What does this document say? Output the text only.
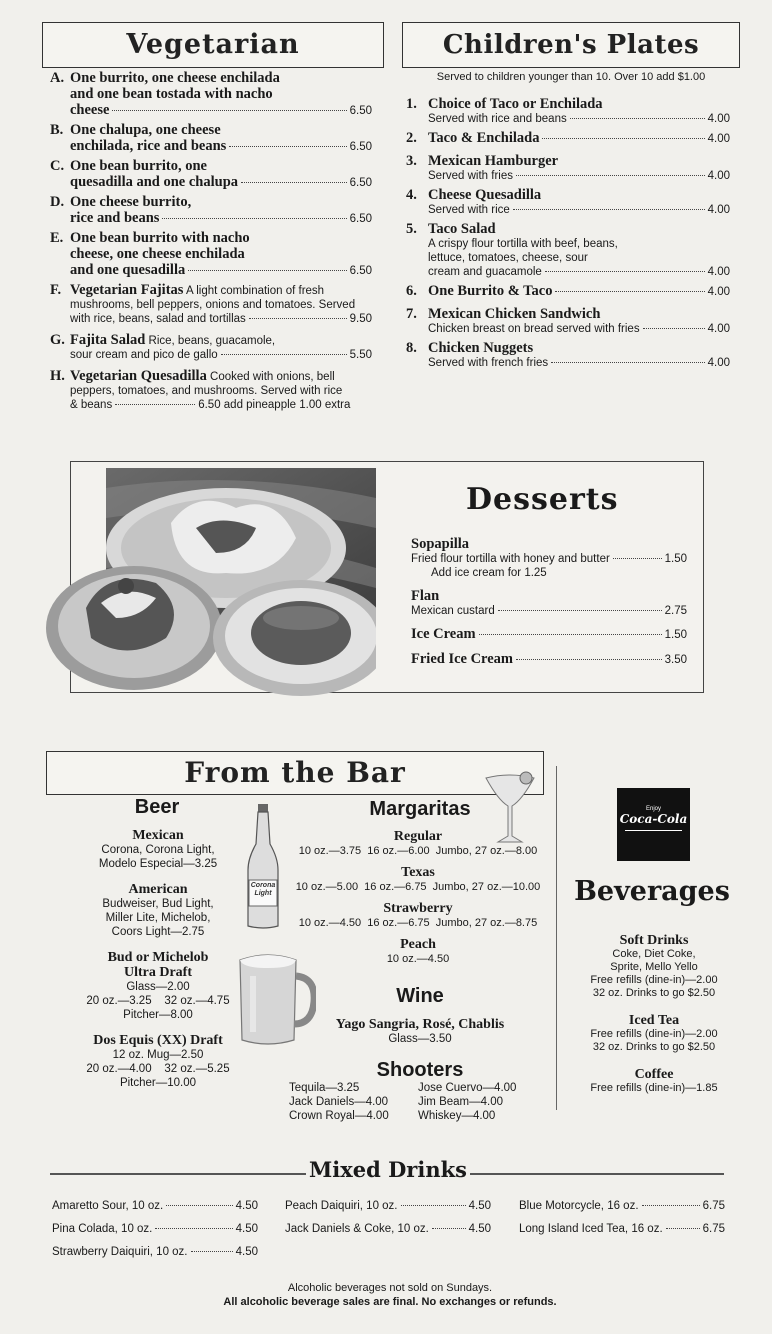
Vegetarian
A. One burrito, one cheese enchilada
and one bean tostada with nacho
cheese	6.50
B. One chalupa, one cheese
enchilada, rice and beans	6.50
C. One bean burrito, one
quesadilla and one chalupa	6.50
D. One cheese burrito,
rice and beans	6.50
E. One bean burrito with nacho
cheese, one cheese enchilada
and one quesadilla	6.50
F. Vegetarian Fajitas A light combination of fresh
mushrooms, bell peppers, onions and tomatoes. Served
with rice, beans, salad and tortillas	9.50
G. Fajita Salad Rice, beans, guacamole,
sour cream and pico de gallo	5.50
H. Vegetarian Quesadilla Cooked with onions, bell
peppers, tomatoes, and mushrooms. Served with rice
& beans	6.50 add pineapple 1.00 extra
Children's Plates
Served to children younger than 10. Over 10 add $1.00
1. Choice of Taco or Enchilada
Served with rice and beans	4.00
2. Taco & Enchilada	4.00
3. Mexican Hamburger
Served with fries	4.00
4. Cheese Quesadilla
Served with rice	4.00
5. Taco Salad
A crispy flour tortilla with beef, beans,
lettuce, tomatoes, cheese, sour
cream and guacamole	4.00
6. One Burrito & Taco	4.00
7. Mexican Chicken Sandwich
Chicken breast on bread served with fries	4.00
8. Chicken Nuggets
Served with french fries	4.00
Desserts
Sopapilla
Fried flour tortilla with honey and butter	1.50
Add ice cream for 1.25
Flan
Mexican custard	2.75
Ice Cream	1.50
Fried Ice Cream	3.50
From the Bar
Beer
Mexican
Corona, Corona Light,
Modelo Especial—3.25
American
Budweiser, Bud Light,
Miller Lite, Michelob,
Coors Light—2.75
Bud or Michelob
Ultra Draft
Glass—2.00
20 oz.—3.25    32 oz.—4.75
Pitcher—8.00
Dos Equis (XX) Draft
12 oz. Mug—2.50
20 oz.—4.00    32 oz.—5.25
Pitcher—10.00
Corona Light
Margaritas
Regular
10 oz.—3.75  16 oz.—6.00  Jumbo, 27 oz.—8.00
Texas
10 oz.—5.00  16 oz.—6.75  Jumbo, 27 oz.—10.00
Strawberry
10 oz.—4.50  16 oz.—6.75  Jumbo, 27 oz.—8.75
Peach
10 oz.—4.50
Wine
Yago Sangria, Rosé, Chablis
Glass—3.50
Shooters
Tequila—3.25
Jack Daniels—4.00
Crown Royal—4.00
Jose Cuervo—4.00
Jim Beam—4.00
Whiskey—4.00
Enjoy
Coca-Cola
Beverages
Soft Drinks
Coke, Diet Coke,
Sprite, Mello Yello
Free refills (dine-in)—2.00
32 oz. Drinks to go $2.50
Iced Tea
Free refills (dine-in)—2.00
32 oz. Drinks to go $2.50
Coffee
Free refills (dine-in)—1.85
Mixed Drinks
Amaretto Sour, 10 oz.	4.50
Pina Colada, 10 oz.	4.50
Strawberry Daiquiri, 10 oz.	4.50
Peach Daiquiri, 10 oz.	4.50
Jack Daniels & Coke, 10 oz.	4.50
Blue Motorcycle, 16 oz.	6.75
Long Island Iced Tea, 16 oz.	6.75
Alcoholic beverages not sold on Sundays.
All alcoholic beverage sales are final. No exchanges or refunds.
